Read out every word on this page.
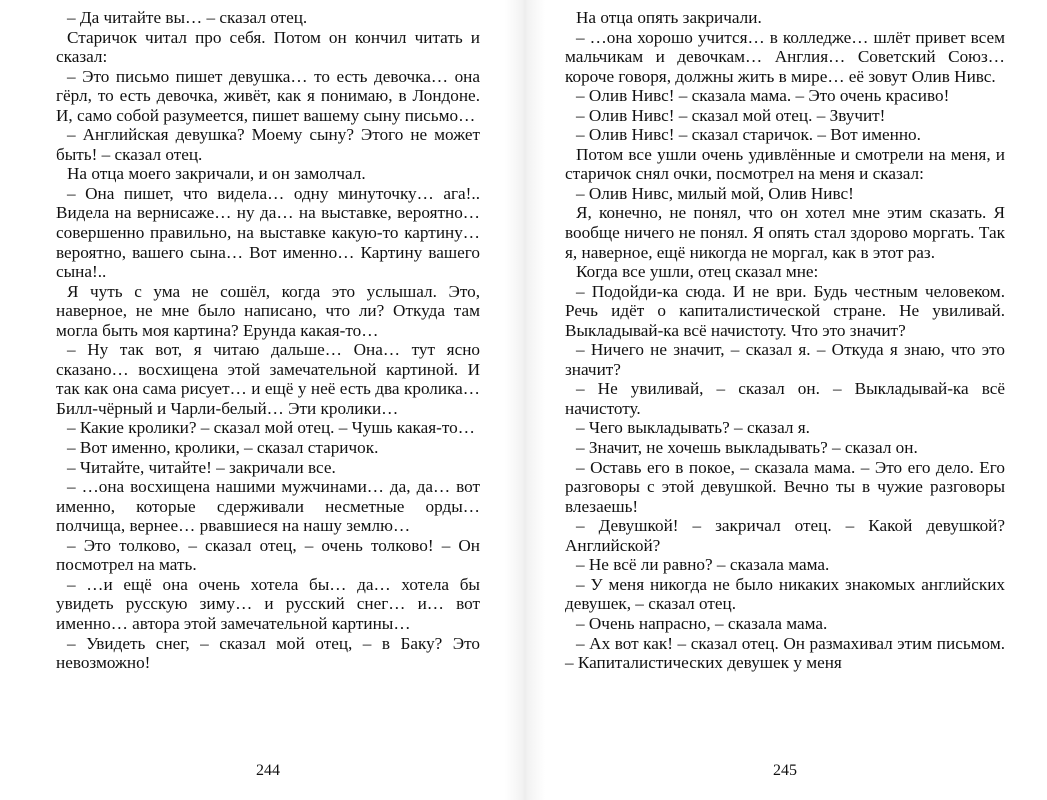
– Да читайте вы… – сказал отец.

Старичок читал про себя. Потом он кончил читать и сказал:

– Это письмо пишет девушка… то есть девочка… она гёрл, то есть девочка, живёт, как я понимаю, в Лондоне. И, само собой разумеется, пишет вашему сыну письмо…

– Английская девушка? Моему сыну? Этого не может быть! – сказал отец.

На отца моего закричали, и он замолчал.

– Она пишет, что видела… одну минуточку… ага!.. Видела на вернисаже… ну да… на выставке, вероятно… совершенно правильно, на выставке какую-то картину… вероятно, вашего сына… Вот именно… Картину вашего сына!..

Я чуть с ума не сошёл, когда это услышал. Это, наверное, не мне было написано, что ли? Откуда там могла быть моя картина? Ерунда какая-то…

– Ну так вот, я читаю дальше… Она… тут ясно сказано… восхищена этой замечательной картиной. И так как она сама рисует… и ещё у неё есть два кролика… Билл-чёрный и Чарли-белый… Эти кролики…

– Какие кролики? – сказал мой отец. – Чушь какая-то…

– Вот именно, кролики, – сказал старичок.

– Читайте, читайте! – закричали все.

– …она восхищена нашими мужчинами… да, да… вот именно, которые сдерживали несметные орды… полчища, вернее… рвавшиеся на нашу землю…

– Это толково, – сказал отец, – очень толково! – Он посмотрел на мать.

– …и ещё она очень хотела бы… да… хотела бы увидеть русскую зиму… и русский снег… и… вот именно… автора этой замечательной картины…

– Увидеть снег, – сказал мой отец, – в Баку? Это невозможно!

244

На отца опять закричали.

– …она хорошо учится… в колледже… шлёт привет всем мальчикам и девочкам… Англия… Советский Союз… короче говоря, должны жить в мире… её зовут Олив Нивс.

– Олив Нивс! – сказала мама. – Это очень красиво!

– Олив Нивс! – сказал мой отец. – Звучит!

– Олив Нивс! – сказал старичок. – Вот именно.

Потом все ушли очень удивлённые и смотрели на меня, и старичок снял очки, посмотрел на меня и сказал:

– Олив Нивс, милый мой, Олив Нивс!

Я, конечно, не понял, что он хотел мне этим сказать. Я вообще ничего не понял. Я опять стал здорово моргать. Так я, наверное, ещё никогда не моргал, как в этот раз.

Когда все ушли, отец сказал мне:

– Подойди-ка сюда. И не ври. Будь честным человеком. Речь идёт о капиталистической стране. Не увиливай. Выкладывай-ка всё начистоту. Что это значит?

– Ничего не значит, – сказал я. – Откуда я знаю, что это значит?

– Не увиливай, – сказал он. – Выкладывай-ка всё начистоту.

– Чего выкладывать? – сказал я.

– Значит, не хочешь выкладывать? – сказал он.

– Оставь его в покое, – сказала мама. – Это его дело. Его разговоры с этой девушкой. Вечно ты в чужие разговоры влезаешь!

– Девушкой! – закричал отец. – Какой девушкой? Английской?

– Не всё ли равно? – сказала мама.

– У меня никогда не было никаких знакомых английских девушек, – сказал отец.

– Очень напрасно, – сказала мама.

– Ах вот как! – сказал отец. Он размахивал этим письмом. – Капиталистических девушек у меня

245
